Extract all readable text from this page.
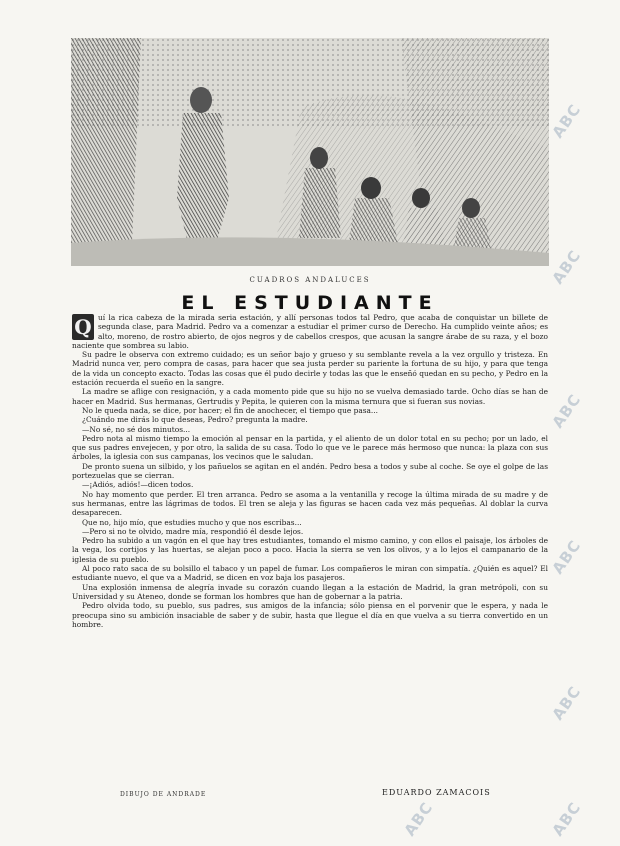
CUADROS ANDALUCES
EL ESTUDIANTE

Q uí la rica cabeza de la mirada seria estación, y allí personas todos tal Pedro, que acaba de conquistar un billete de segunda clase, para Madrid. Pedro va a comenzar a estudiar el primer curso de Derecho. Ha cumplido veinte años; es alto, moreno, de rostro abierto, de ojos negros y de cabellos crespos, que acusan la sangre árabe de su raza, y el bozo naciente que sombrea su labio.

Su padre le observa con extremo cuidado; es un señor bajo y grueso y su semblante revela a la vez orgullo y tristeza. En Madrid nunca ver, pero compra de casas, para hacer que sea justa perder su pariente la fortuna de su hijo, y para que tenga de la vida un concepto exacto. Todas las cosas que él pudo decirle y todas las que le enseñó quedan en su pecho, y Pedro en la estación recuerda el sueño en la sangre.

La madre se aflige con resignación, y a cada momento pide que su hijo no se vuelva demasiado tarde. Ocho días se han de hacer en Madrid. Sus hermanas, Gertrudis y Pepita, le quieren con la misma ternura que si fueran sus novias.

No le queda nada, se dice, por hacer; el fin de anochecer, el tiempo que pasa...

¿Cuándo me dirás lo que deseas, Pedro? pregunta la madre.

—No sé, no sé dos minutos...

Pedro nota al mismo tiempo la emoción al pensar en la partida, y el aliento de un dolor total en su pecho; por un lado, el que sus padres envejecen, y por otro, la salida de su casa. Todo lo que ve le parece más hermoso que nunca: la plaza con sus árboles, la iglesia con sus campanas, los vecinos que le saludan.

De pronto suena un silbido, y los pañuelos se agitan en el andén. Pedro besa a todos y sube al coche. Se oye el golpe de las portezuelas que se cierran.

—¡Adiós, adiós!—dicen todos.

No hay momento que perder. El tren arranca. Pedro se asoma a la ventanilla y recoge la última mirada de su madre y de sus hermanas, entre las lágrimas de todos. El tren se aleja y las figuras se hacen cada vez más pequeñas. Al doblar la curva desaparecen.

Que no, hijo mío, que estudies mucho y que nos escribas...

—Pero si no te olvido, madre mía, respondió él desde lejos.

Pedro ha subido a un vagón en el que hay tres estudiantes, tomando el mismo camino, y con ellos el paisaje, los árboles de la vega, los cortijos y las huertas, se alejan poco a poco. Hacia la sierra se ven los olivos, y a lo lejos el campanario de la iglesia de su pueblo.

Al poco rato saca de su bolsillo el tabaco y un papel de fumar. Los compañeros le miran con simpatía. ¿Quién es aquel? El estudiante nuevo, el que va a Madrid, se dicen en voz baja los pasajeros.

Una explosión inmensa de alegría invade su corazón cuando llegan a la estación de Madrid, la gran metrópoli, con su Universidad y su Ateneo, donde se forman los hombres que han de gobernar a la patria.

Pedro olvida todo, su pueblo, sus padres, sus amigos de la infancia; sólo piensa en el porvenir que le espera, y nada le preocupa sino su ambición insaciable de saber y de subir, hasta que llegue el día en que vuelva a su tierra convertido en un hombre.

DIBUJO DE ANDRADE	EDUARDO ZAMACOIS
ABC
ABC
ABC
ABC
ABC
ABC
ABC
